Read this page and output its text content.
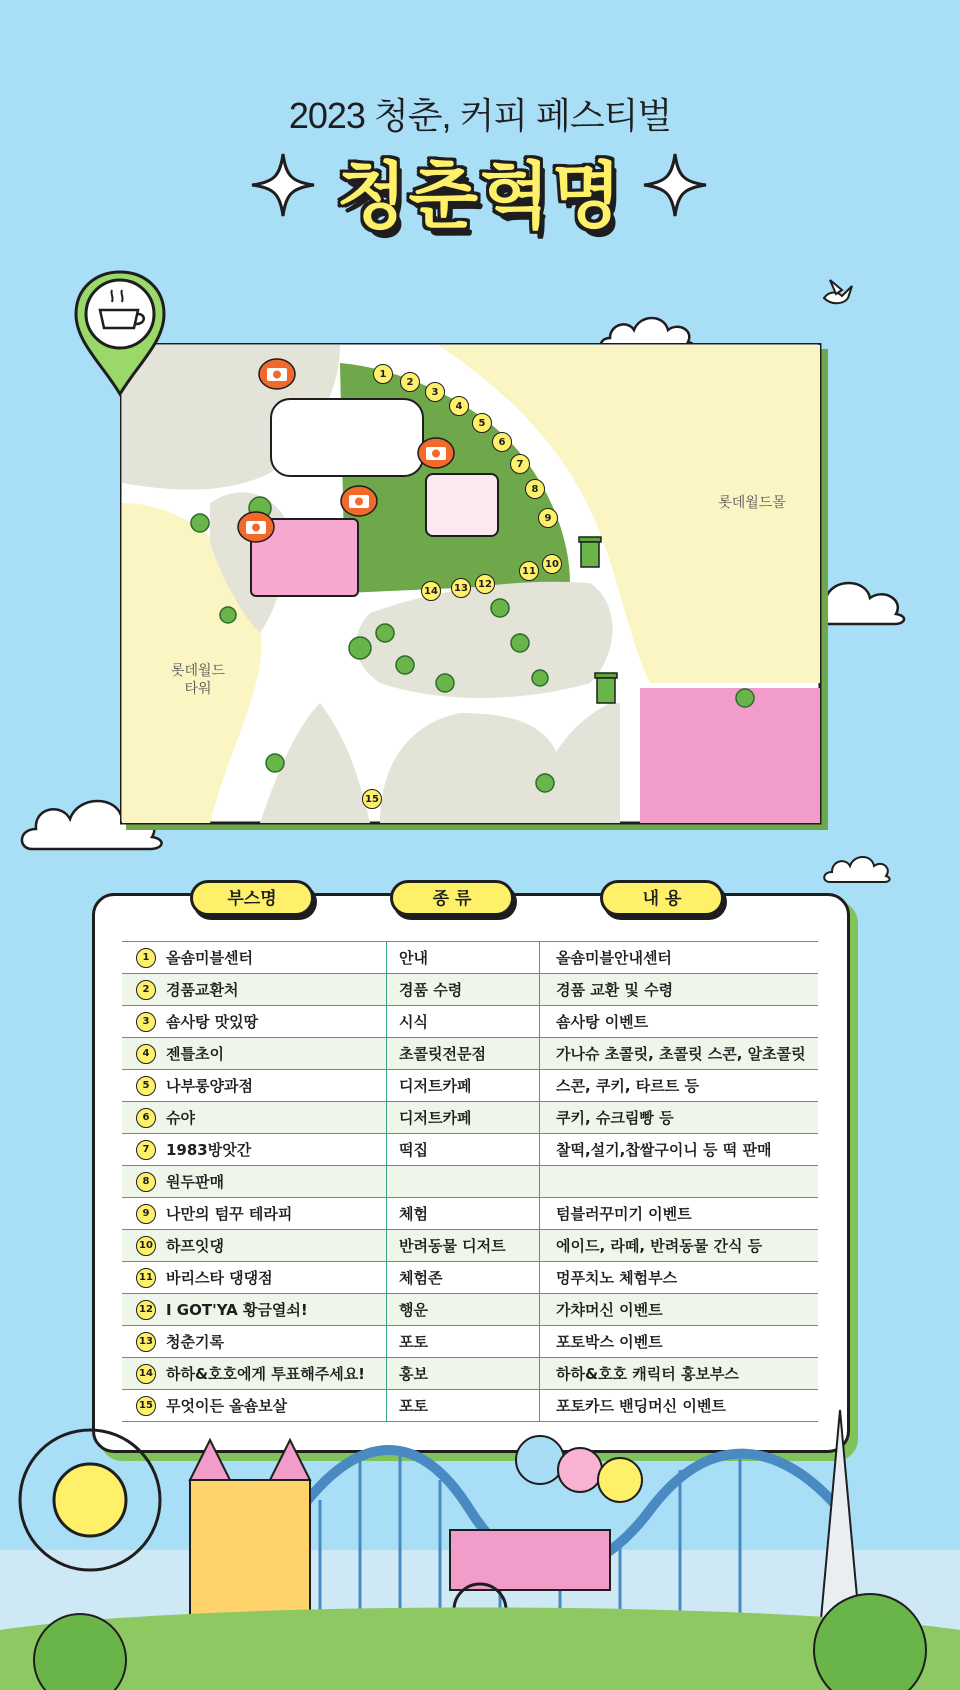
2023 청춘, 커피 페스티벌
청춘혁명
롯데월드몰
롯데월드
타워
1
2
3
4
5
6
7
8
9
10
11
12
13
14
15
부스명	종 류	내 용
1 올숌미블센터	안내	올숌미블안내센터
2 경품교환처	경품 수령	경품 교환 및 수령
3 숌사탕 맛있땅	시식	숌사탕 이벤트
4 젠틀초이	초콜릿전문점	가나슈 초콜릿, 초콜릿 스콘, 알초콜릿
5 나부롱양과점	디저트카페	스콘, 쿠키, 타르트 등
6 슈야	디저트카페	쿠키, 슈크림빵 등
7 1983방앗간	떡집	찰떡,설기,찹쌀구이니 등 떡 판매
8 원두판매		
9 나만의 텀꾸 테라피	체험	텀블러꾸미기 이벤트
10 하프잇댕	반려동물 디저트	에이드, 라떼, 반려동물 간식 등
11 바리스타 댕댕점	체험존	멍푸치노 체험부스
12 I GOT'YA 황금열쇠!	행운	가챠머신 이벤트
13 청춘기록	포토	포토박스 이벤트
14 하하&호호에게 투표해주세요!	홍보	하하&호호 캐릭터 홍보부스
15 무엇이든 올숌보살	포토	포토카드 밴딩머신 이벤트
